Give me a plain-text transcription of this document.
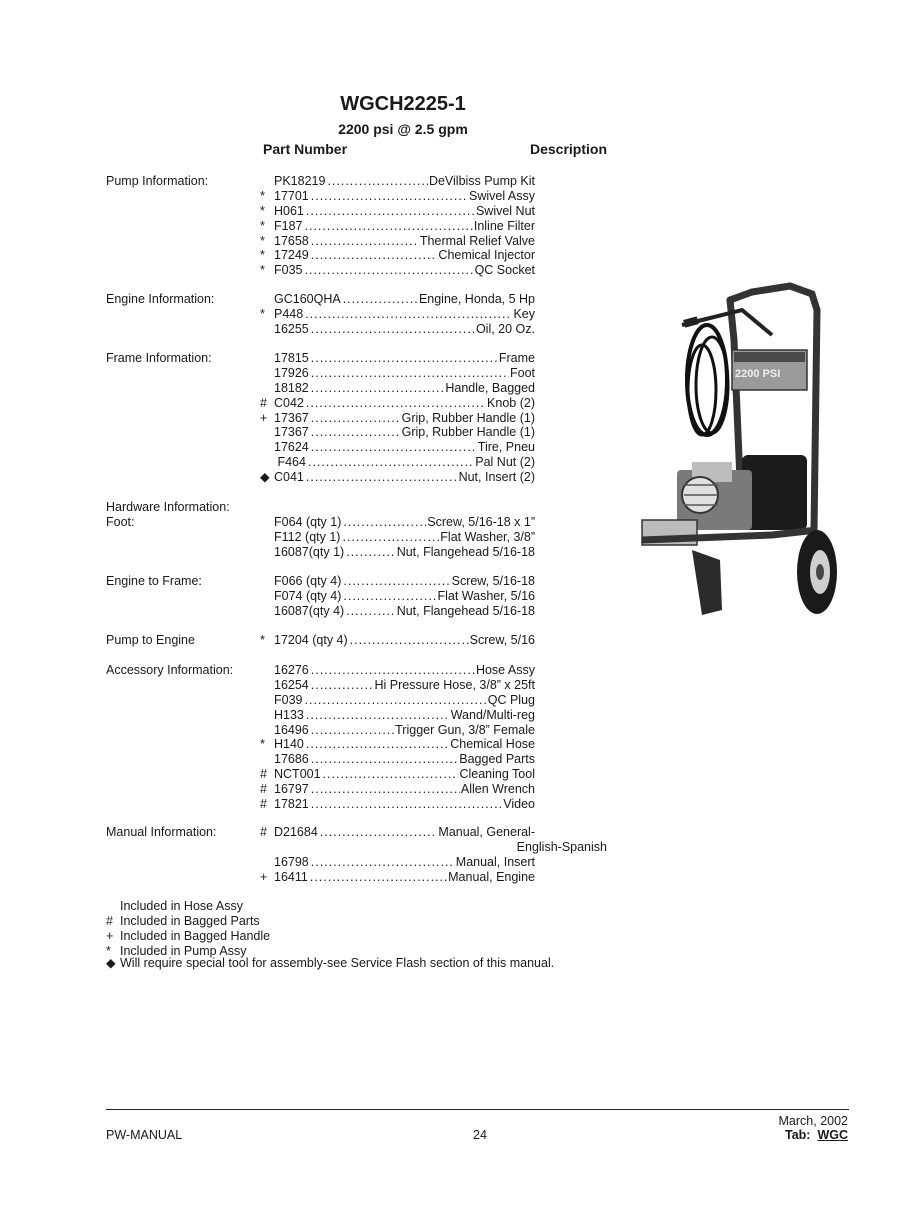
WGCH2225-1
2200 psi @ 2.5 gpm
Part Number	Description
Pump Information:	PK18219 .....	DeVilbiss Pump Kit
* 17701 .....	Swivel Assy
* H061 .....	Swivel Nut
* F187 .....	Inline Filter
* 17658 .....	Thermal Relief Valve
* 17249 .....	Chemical Injector
* F035 .....	QC Socket
Engine Information:	GC160QHA .....	Engine, Honda, 5 Hp
* P448 .....	Key
16255 .....	Oil, 20 Oz.
Frame Information:	17815 .....	Frame
17926 .....	Foot
18182 .....	Handle, Bagged
# C042 .....	Knob (2)
+ 17367 .....	Grip, Rubber Handle (1)
17367 .....	Grip, Rubber Handle (1)
17624 .....	Tire, Pneu
F464 .....	Pal Nut (2)
◆ C041 .....	Nut, Insert (2)
Hardware Information:
Foot:	F064 (qty 1) .....	Screw, 5/16-18 x 1”
F112 (qty 1) .....	Flat Washer, 3/8”
16087(qty 1) .....	Nut, Flangehead 5/16-18
Engine to Frame:	F066 (qty 4) .....	Screw, 5/16-18
F074 (qty 4) .....	Flat Washer, 5/16
16087(qty 4) .....	Nut, Flangehead 5/16-18
Pump to Engine	* 17204 (qty 4) .....	Screw, 5/16
Accessory Information:	16276 .....	Hose Assy
16254 .....	Hi Pressure Hose, 3/8” x 25ft
F039 .....	QC Plug
H133 .....	Wand/Multi-reg
16496 .....	Trigger Gun, 3/8” Female
* H140 .....	Chemical Hose
17686 .....	Bagged Parts
# NCT001 .....	Cleaning Tool
# 16797 .....	Allen Wrench
# 17821 .....	Video
Manual Information:	# D21684 .....	Manual, General-
English-Spanish
16798 .....	Manual, Insert
+ 16411 .....	Manual, Engine
Included in Hose Assy
# Included in Bagged Parts
+ Included in Bagged Handle
* Included in Pump Assy
◆ Will require special tool for assembly-see Service Flash section of this manual.
2200 PSI
PW-MANUAL	24
March, 2002
Tab: WGC
